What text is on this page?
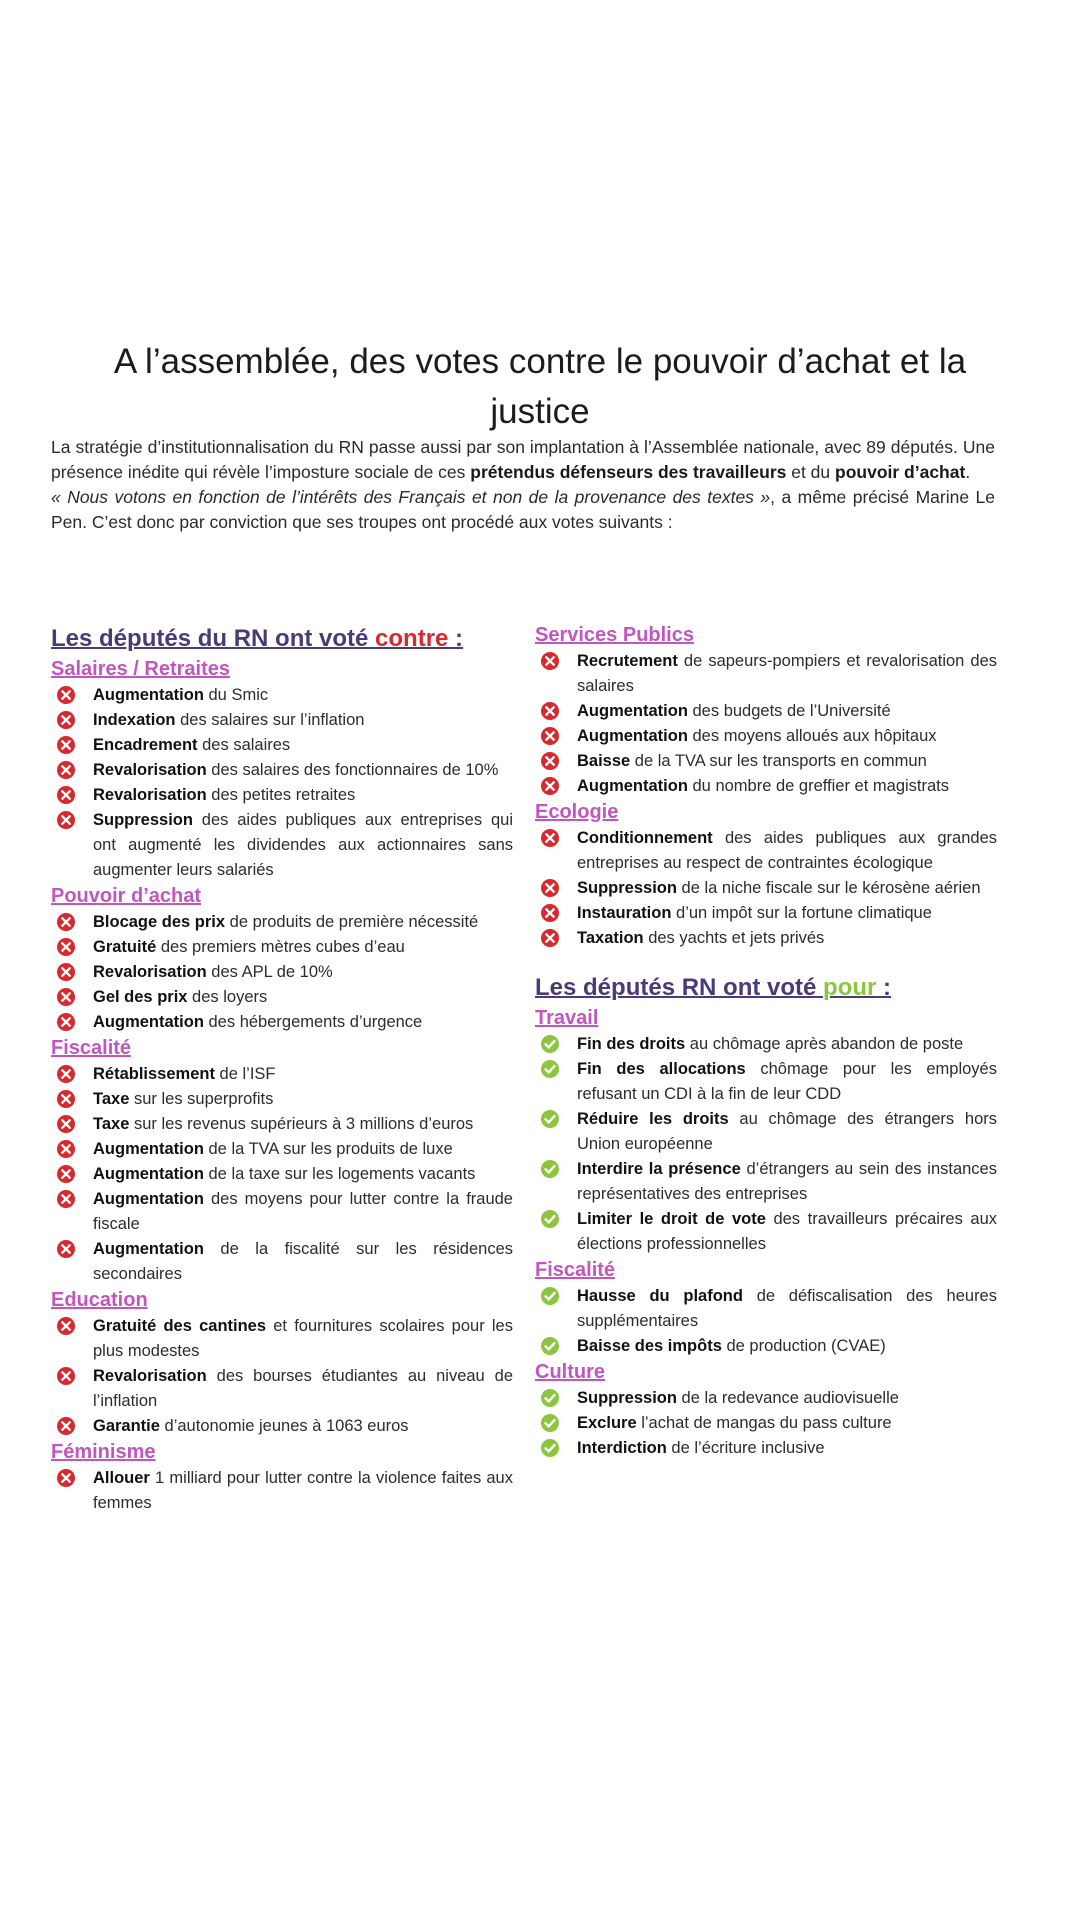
A l’assemblée, des votes contre le pouvoir d’achat et la justice

La stratégie d’institutionnalisation du RN passe aussi par son implantation à l’Assemblée nationale, avec 89 députés. Une présence inédite qui révèle l’imposture sociale de ces prétendus défenseurs des travailleurs et du pouvoir d’achat.

« Nous votons en fonction de l’intérêts des Français et non de la provenance des textes », a même précisé Marine Le Pen. C’est donc par conviction que ses troupes ont procédé aux votes suivants :

Les députés du RN ont voté contre :
Salaires / Retraites
Augmentation du Smic
Indexation des salaires sur l’inflation
Encadrement des salaires
Revalorisation des salaires des fonctionnaires de 10%
Revalorisation des petites retraites
Suppression des aides publiques aux entreprises qui ont augmenté les dividendes aux actionnaires sans augmenter leurs salariés
Pouvoir d’achat
Blocage des prix de produits de première nécessité
Gratuité des premiers mètres cubes d’eau
Revalorisation des APL de 10%
Gel des prix des loyers
Augmentation des hébergements d’urgence
Fiscalité
Rétablissement de l’ISF
Taxe sur les superprofits
Taxe sur les revenus supérieurs à 3 millions d’euros
Augmentation de la TVA sur les produits de luxe
Augmentation de la taxe sur les logements vacants
Augmentation des moyens pour lutter contre la fraude fiscale
Augmentation de la fiscalité sur les résidences secondaires
Education
Gratuité des cantines et fournitures scolaires pour les plus modestes
Revalorisation des bourses étudiantes au niveau de l’inflation
Garantie d’autonomie jeunes à 1063 euros
Féminisme
Allouer 1 milliard pour lutter contre la violence faites aux femmes
Services Publics
Recrutement de sapeurs-pompiers et revalorisation des salaires
Augmentation des budgets de l’Université
Augmentation des moyens alloués aux hôpitaux
Baisse de la TVA sur les transports en commun
Augmentation du nombre de greffier et magistrats
Ecologie
Conditionnement des aides publiques aux grandes entreprises au respect de contraintes écologique
Suppression de la niche fiscale sur le kérosène aérien
Instauration d’un impôt sur la fortune climatique
Taxation des yachts et jets privés
Les députés RN ont voté pour :
Travail
Fin des droits au chômage après abandon de poste
Fin des allocations chômage pour les employés refusant un CDI à la fin de leur CDD
Réduire les droits au chômage des étrangers hors Union européenne
Interdire la présence d’étrangers au sein des instances représentatives des entreprises
Limiter le droit de vote des travailleurs précaires aux élections professionnelles
Fiscalité
Hausse du plafond de défiscalisation des heures supplémentaires
Baisse des impôts de production (CVAE)
Culture
Suppression de la redevance audiovisuelle
Exclure l’achat de mangas du pass culture
Interdiction de l’écriture inclusive
